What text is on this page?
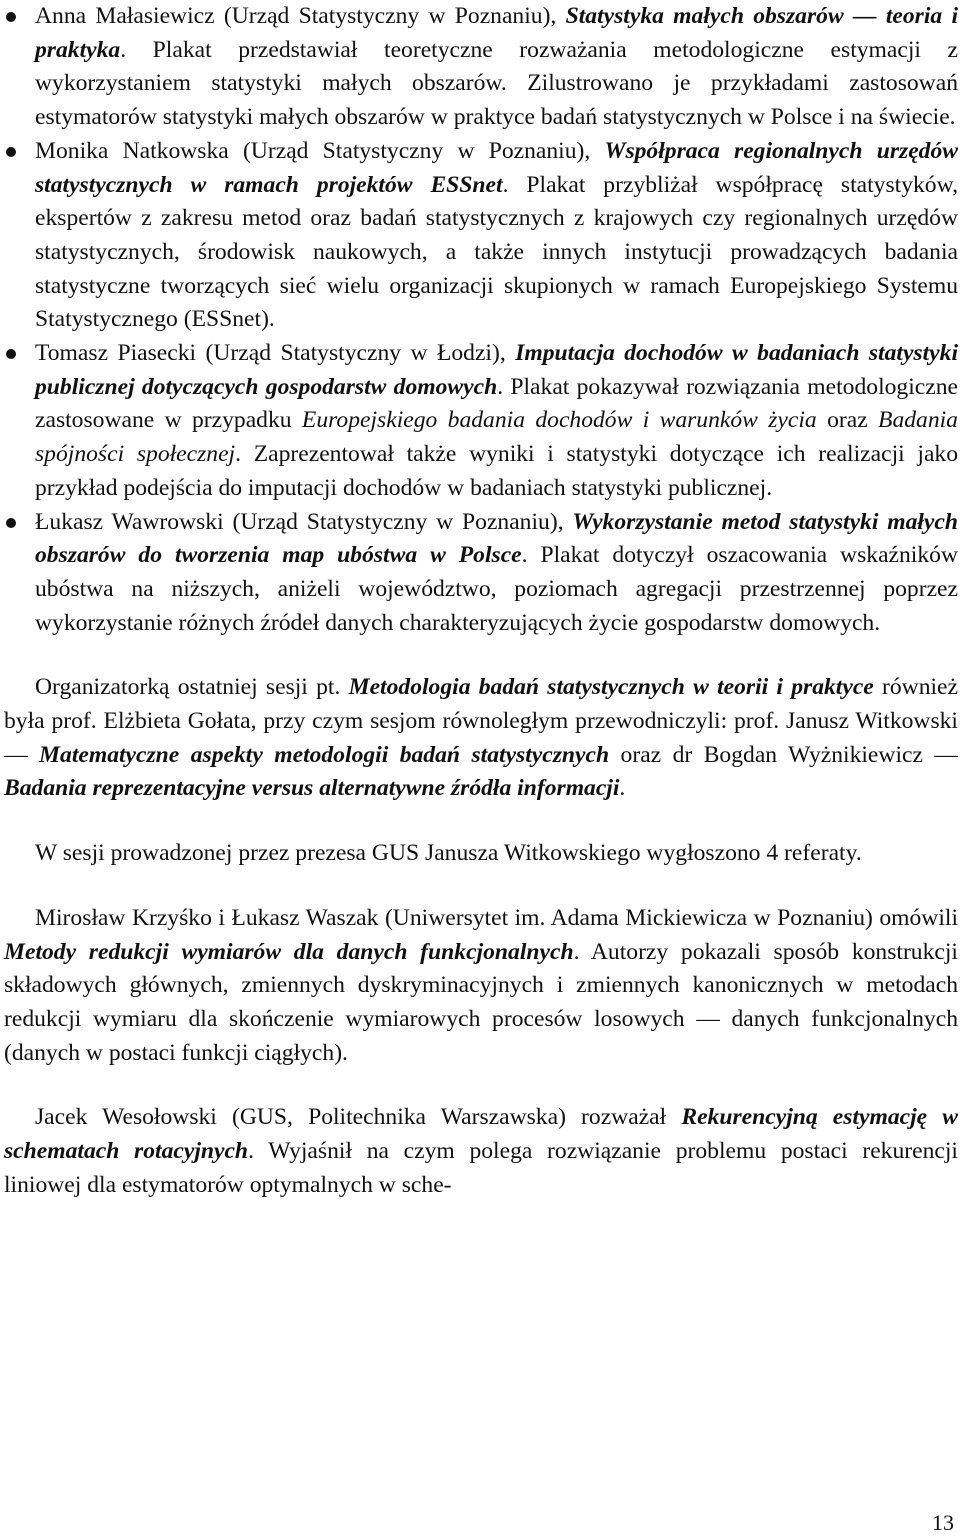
Anna Małasiewicz (Urząd Statystyczny w Poznaniu), Statystyka małych obszarów — teoria i praktyka. Plakat przedstawiał teoretyczne rozważania metodologiczne estymacji z wykorzystaniem statystyki małych obszarów. Zilustrowano je przykładami zastosowań estymatorów statystyki małych obszarów w praktyce badań statystycznych w Polsce i na świecie.
Monika Natkowska (Urząd Statystyczny w Poznaniu), Współpraca regionalnych urzędów statystycznych w ramach projektów ESSnet. Plakat przybliżał współpracę statystyków, ekspertów z zakresu metod oraz badań statystycznych z krajowych czy regionalnych urzędów statystycznych, środowisk naukowych, a także innych instytucji prowadzących badania statystyczne tworzących sieć wielu organizacji skupionych w ramach Europejskiego Systemu Statystycznego (ESSnet).
Tomasz Piasecki (Urząd Statystyczny w Łodzi), Imputacja dochodów w badaniach statystyki publicznej dotyczących gospodarstw domowych. Plakat pokazywał rozwiązania metodologiczne zastosowane w przypadku Europejskiego badania dochodów i warunków życia oraz Badania spójności społecznej. Zaprezentował także wyniki i statystyki dotyczące ich realizacji jako przykład podejścia do imputacji dochodów w badaniach statystyki publicznej.
Łukasz Wawrowski (Urząd Statystyczny w Poznaniu), Wykorzystanie metod statystyki małych obszarów do tworzenia map ubóstwa w Polsce. Plakat dotyczył oszacowania wskaźników ubóstwa na niższych, aniżeli województwo, poziomach agregacji przestrzennej poprzez wykorzystanie różnych źródeł danych charakteryzujących życie gospodarstw domowych.

Organizatorką ostatniej sesji pt. Metodologia badań statystycznych w teorii i praktyce również była prof. Elżbieta Gołata, przy czym sesjom równoległym przewodniczyli: prof. Janusz Witkowski — Matematyczne aspekty metodologii badań statystycznych oraz dr Bogdan Wyżnikiewicz — Badania reprezentacyjne versus alternatywne źródła informacji.

W sesji prowadzonej przez prezesa GUS Janusza Witkowskiego wygłoszono 4 referaty.

Mirosław Krzyśko i Łukasz Waszak (Uniwersytet im. Adama Mickiewicza w Poznaniu) omówili Metody redukcji wymiarów dla danych funkcjonalnych. Autorzy pokazali sposób konstrukcji składowych głównych, zmiennych dyskryminacyjnych i zmiennych kanonicznych w metodach redukcji wymiaru dla skończenie wymiarowych procesów losowych — danych funkcjonalnych (danych w postaci funkcji ciągłych).

Jacek Wesołowski (GUS, Politechnika Warszawska) rozważał Rekurencyjną estymację w schematach rotacyjnych. Wyjaśnił na czym polega rozwiązanie problemu postaci rekurencji liniowej dla estymatorów optymalnych w sche-

13
